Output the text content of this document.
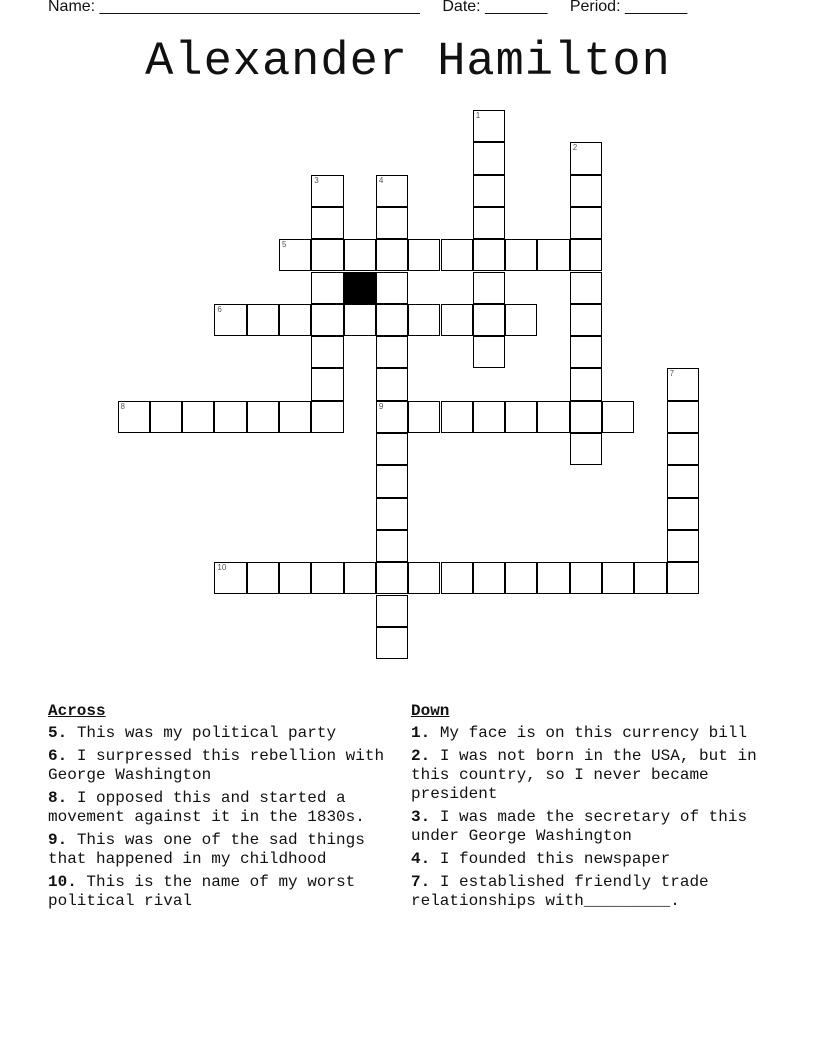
Name: ____________________________________ Date: _______ Period: _______
Alexander Hamilton
1
2
3	4
9
5
6
7
8
10
Across
5. This was my political party
6. I surpressed this rebellion with George Washington
8. I opposed this and started a movement against it in the 1830s.
9. This was one of the sad things that happened in my childhood
10. This is the name of my worst political rival
Down
1. My face is on this currency bill
2. I was not born in the USA, but in this country, so I never became president
3. I was made the secretary of this under George Washington
4. I founded this newspaper
7. I established friendly trade relationships with_________.
